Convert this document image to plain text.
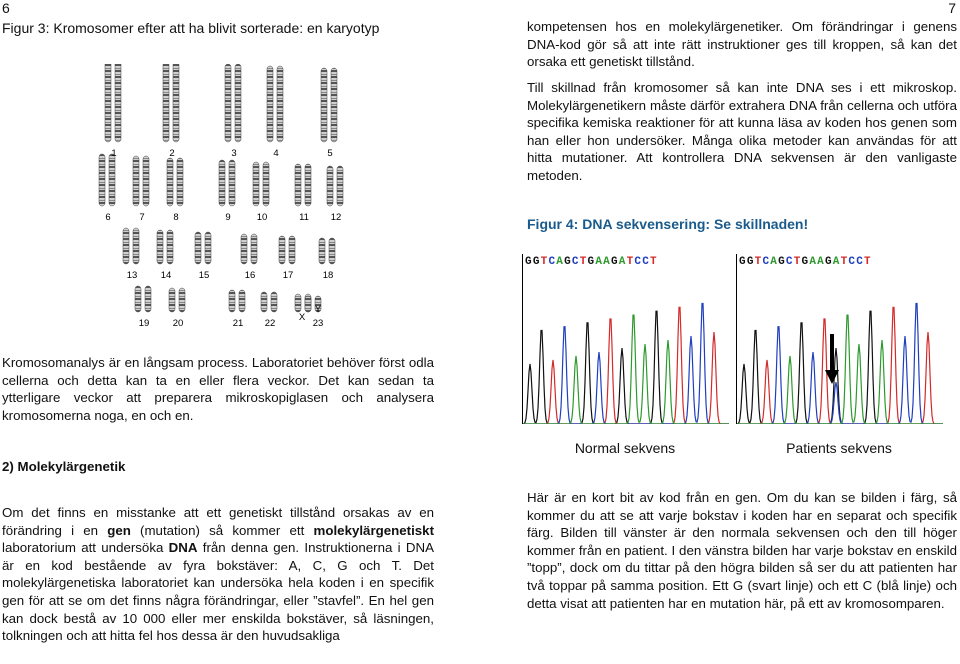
6
Figur 3: Kromosomer efter att ha blivit sorterade: en karyotyp
1	2	3	4	5
6	7	8	9	10	11 12
13 14	15	16	17	18
19 20	21 22
X
Y
23
Kromosomanalys är en långsam process. Laboratoriet behöver först odla cellerna och detta kan ta en eller flera veckor. Det kan sedan ta ytterligare veckor att preparera mikroskopiglasen och analysera kromosomerna noga, en och en.
2) Molekylärgenetik
Om det finns en misstanke att ett genetiskt tillstånd orsakas av en förändring i en gen (mutation) så kommer ett molekylärgenetiskt laboratorium att undersöka DNA från denna gen. Instruktionerna i DNA är en kod bestående av fyra bokstäver: A, C, G och T. Det molekylärgenetiska laboratoriet kan undersöka hela koden i en specifik gen för att se om det finns några förändringar, eller ”stavfel”. En hel gen kan dock bestå av 10 000 eller mer enskilda bokstäver, så läsningen, tolkningen och att hitta fel hos dessa är den huvudsakliga
7
kompetensen hos en molekylärgenetiker. Om förändringar i genens DNA-kod gör så att inte rätt instruktioner ges till kroppen, så kan det orsaka ett genetiskt tillstånd.
Till skillnad från kromosomer så kan inte DNA ses i ett mikroskop. Molekylärgenetikern måste därför extrahera DNA från cellerna och utföra specifika kemiska reaktioner för att kunna läsa av koden hos genen som han eller hon undersöker. Många olika metoder kan användas för att hitta mutationer. Att kontrollera DNA sekvensen är den vanligaste metoden.
Figur 4: DNA sekvensering: Se skillnaden!
GGTCAGCTGAAGATCCT	GGTCAGCTGAAGATCCT
Normal sekvens	Patients sekvens
Här är en kort bit av kod från en gen. Om du kan se bilden i färg, så kommer du att se att varje bokstav i koden har en separat och specifik färg. Bilden till vänster är den normala sekvensen och den till höger kommer från en patient. I den vänstra bilden har varje bokstav en enskild ”topp”, dock om du tittar på den högra bilden så ser du att patienten har två toppar på samma position. Ett G (svart linje) och ett C (blå linje) och detta visat att patienten har en mutation här, på ett av kromosomparen.
